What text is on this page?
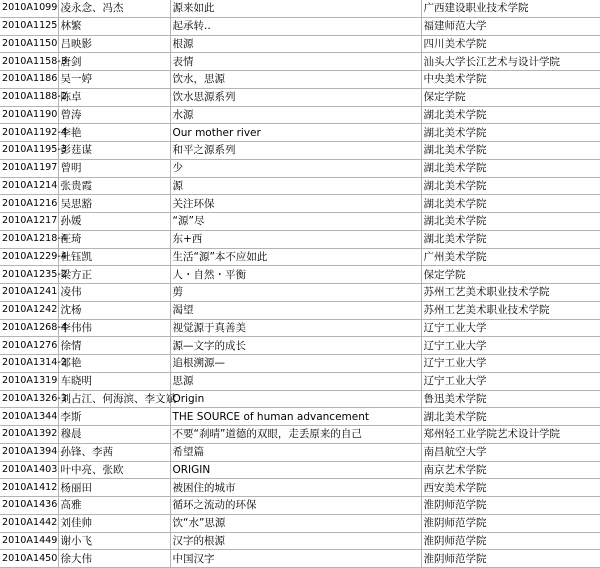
2010A1099	凌永念、冯杰	源来如此	广西建设职业技术学院
2010A1125	林繁	起承转..	福建师范大学
2010A1150	吕映影	根源	四川美术学院
2010A1158-3	唐剑	表情	汕头大学长江艺术与设计学院
2010A1186	吴一婷	饮水，思源	中央美术学院
2010A1188-2	陈卓	饮水思源系列	保定学院
2010A1190	曾涛	水源	湖北美术学院
2010A1192-4	李艳	Our mother river	湖北美术学院
2010A1195-3	彭莛谋	和平之源系列	湖北美术学院
2010A1197	曾明	少	湖北美术学院
2010A1214	张贵霞	源	湖北美术学院
2010A1216	吴思豁	关注环保	湖北美术学院
2010A1217	孙媛	“源”尽	湖北美术学院
2010A1218-4	汪琦	东+西	湖北美术学院
2010A1229-4	杜钰凯	生活“源”本不应如此	广州美术学院
2010A1235-2	梁方正	人・自然・平衡	保定学院
2010A1241	凌伟	剪	苏州工艺美术职业技术学院
2010A1242	沈杨	渴望	苏州工艺美术职业技术学院
2010A1268-4	李伟伟	视觉源于真善美	辽宁工业大学
2010A1276	徐情	源—文字的成长	辽宁工业大学
2010A1314-2	邹艳	追根溯源—	辽宁工业大学
2010A1319	车晓明	思源	辽宁工业大学
2010A1326-3	刘占江、何海滨、李文斌	Origin	鲁迅美术学院
2010A1344	李斯	THE SOURCE of human advancement	湖北美术学院
2010A1392	穆晨	不要“刹晴”道德的双眼，走丢原来的自己	郑州轻工业学院艺术设计学院
2010A1394	孙锋、李茜	希望篇	南昌航空大学
2010A1403	叶中亮、张欧	ORIGIN	南京艺术学院
2010A1412	杨丽田	被困住的城市	西安美术学院
2010A1436	高雅	循环之流动的环保	淮阴师范学院
2010A1442	刘佳帅	饮“水”思源	淮阴师范学院
2010A1449	谢小飞	汉字的根源	淮阴师范学院
2010A1450	徐大伟	中国汉字	淮阴师范学院
